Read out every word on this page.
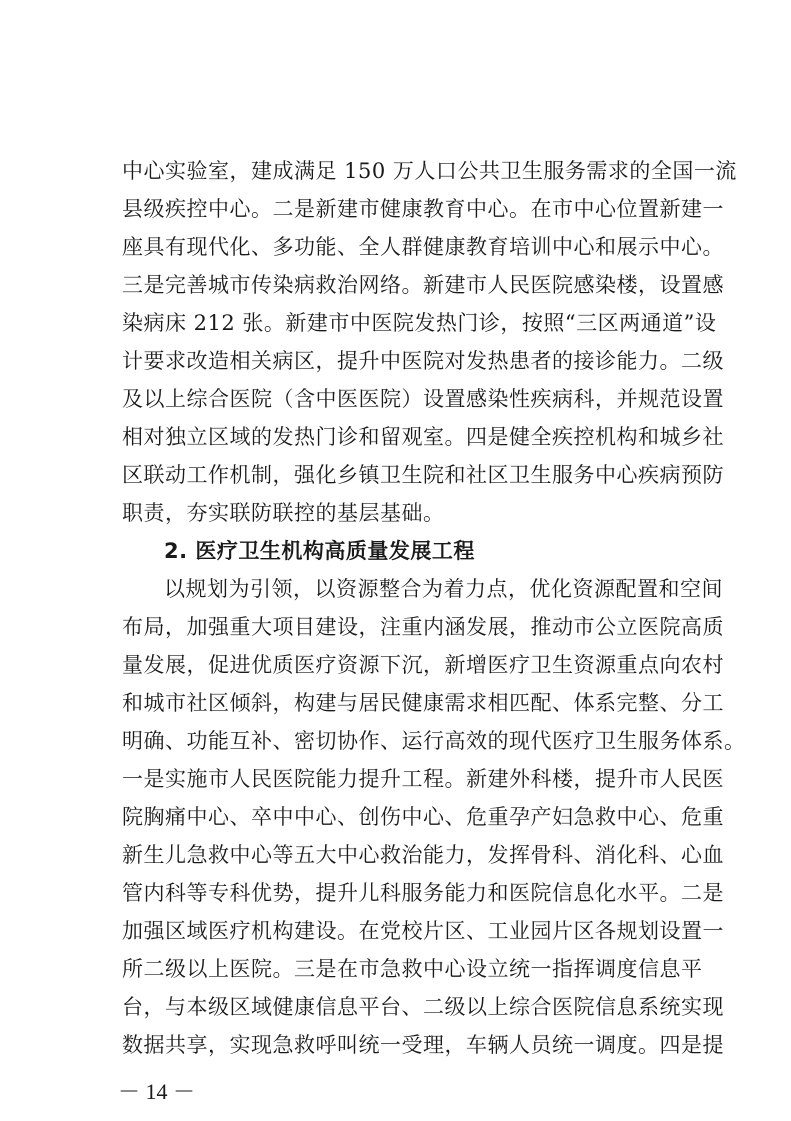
中心实验室，建成满足 150 万人口公共卫生服务需求的全国一流
县级疾控中心。二是新建市健康教育中心。在市中心位置新建一
座具有现代化、多功能、全人群健康教育培训中心和展示中心。
三是完善城市传染病救治网络。新建市人民医院感染楼，设置感
染病床 212 张。新建市中医院发热门诊，按照“三区两通道”设
计要求改造相关病区，提升中医院对发热患者的接诊能力。二级
及以上综合医院（含中医医院）设置感染性疾病科，并规范设置
相对独立区域的发热门诊和留观室。四是健全疾控机构和城乡社
区联动工作机制，强化乡镇卫生院和社区卫生服务中心疾病预防
职责，夯实联防联控的基层基础。
2. 医疗卫生机构高质量发展工程
以规划为引领，以资源整合为着力点，优化资源配置和空间
布局，加强重大项目建设，注重内涵发展，推动市公立医院高质
量发展，促进优质医疗资源下沉，新增医疗卫生资源重点向农村
和城市社区倾斜，构建与居民健康需求相匹配、体系完整、分工
明确、功能互补、密切协作、运行高效的现代医疗卫生服务体系。
一是实施市人民医院能力提升工程。新建外科楼，提升市人民医
院胸痛中心、卒中中心、创伤中心、危重孕产妇急救中心、危重
新生儿急救中心等五大中心救治能力，发挥骨科、消化科、心血
管内科等专科优势，提升儿科服务能力和医院信息化水平。二是
加强区域医疗机构建设。在党校片区、工业园片区各规划设置一
所二级以上医院。三是在市急救中心设立统一指挥调度信息平
台，与本级区域健康信息平台、二级以上综合医院信息系统实现
数据共享，实现急救呼叫统一受理，车辆人员统一调度。四是提
－ 14 －
